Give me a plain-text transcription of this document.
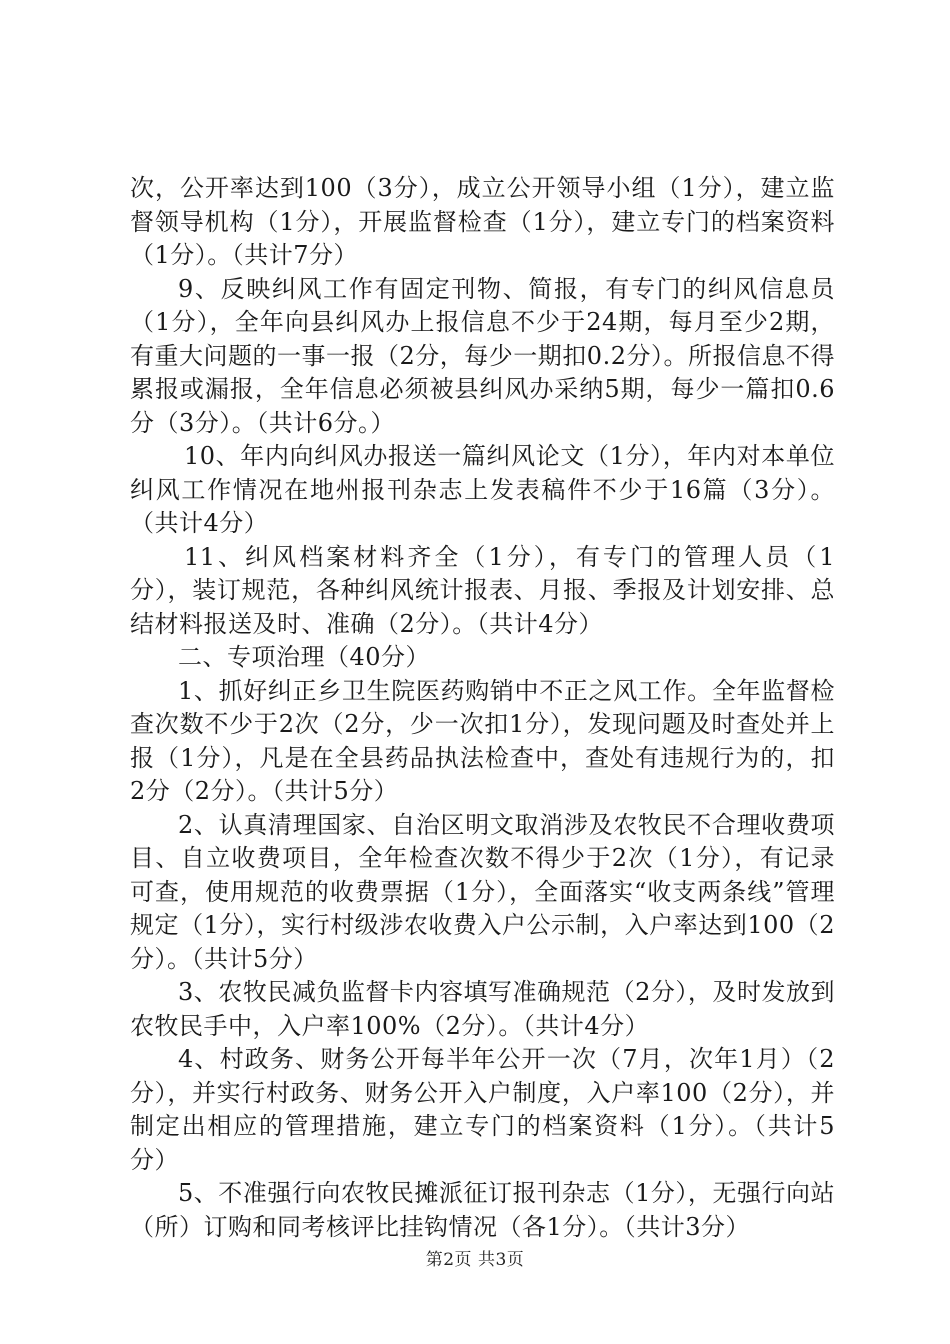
次，公开率达到100（3分），成立公开领导小组（1分），建立监督领导机构（1分），开展监督检查（1分），建立专门的档案资料（1分）。（共计7分）

9、反映纠风工作有固定刊物、简报，有专门的纠风信息员（1分），全年向县纠风办上报信息不少于24期，每月至少2期，有重大问题的一事一报（2分，每少一期扣0.2分）。所报信息不得累报或漏报，全年信息必须被县纠风办采纳5期，每少一篇扣0.6分（3分）。（共计6分。）

10、年内向纠风办报送一篇纠风论文（1分），年内对本单位纠风工作情况在地州报刊杂志上发表稿件不少于16篇（3分）。（共计4分）

11、纠风档案材料齐全（1分），有专门的管理人员（1分），装订规范，各种纠风统计报表、月报、季报及计划安排、总结材料报送及时、准确（2分）。（共计4分）

二、专项治理（40分）

1、抓好纠正乡卫生院医药购销中不正之风工作。全年监督检查次数不少于2次（2分，少一次扣1分），发现问题及时查处并上报（1分），凡是在全县药品执法检查中，查处有违规行为的，扣2分（2分）。（共计5分）

2、认真清理国家、自治区明文取消涉及农牧民不合理收费项目、自立收费项目，全年检查次数不得少于2次（1分），有记录可查，使用规范的收费票据（1分），全面落实“收支两条线”管理规定（1分），实行村级涉农收费入户公示制，入户率达到100（2分）。（共计5分）

3、农牧民减负监督卡内容填写准确规范（2分），及时发放到农牧民手中，入户率100%（2分）。（共计4分）

4、村政务、财务公开每半年公开一次（7月，次年1月）（2分），并实行村政务、财务公开入户制度，入户率100（2分），并制定出相应的管理措施，建立专门的档案资料（1分）。（共计5分）

5、不准强行向农牧民摊派征订报刊杂志（1分），无强行向站（所）订购和同考核评比挂钩情况（各1分）。（共计3分）

第2页 共3页
